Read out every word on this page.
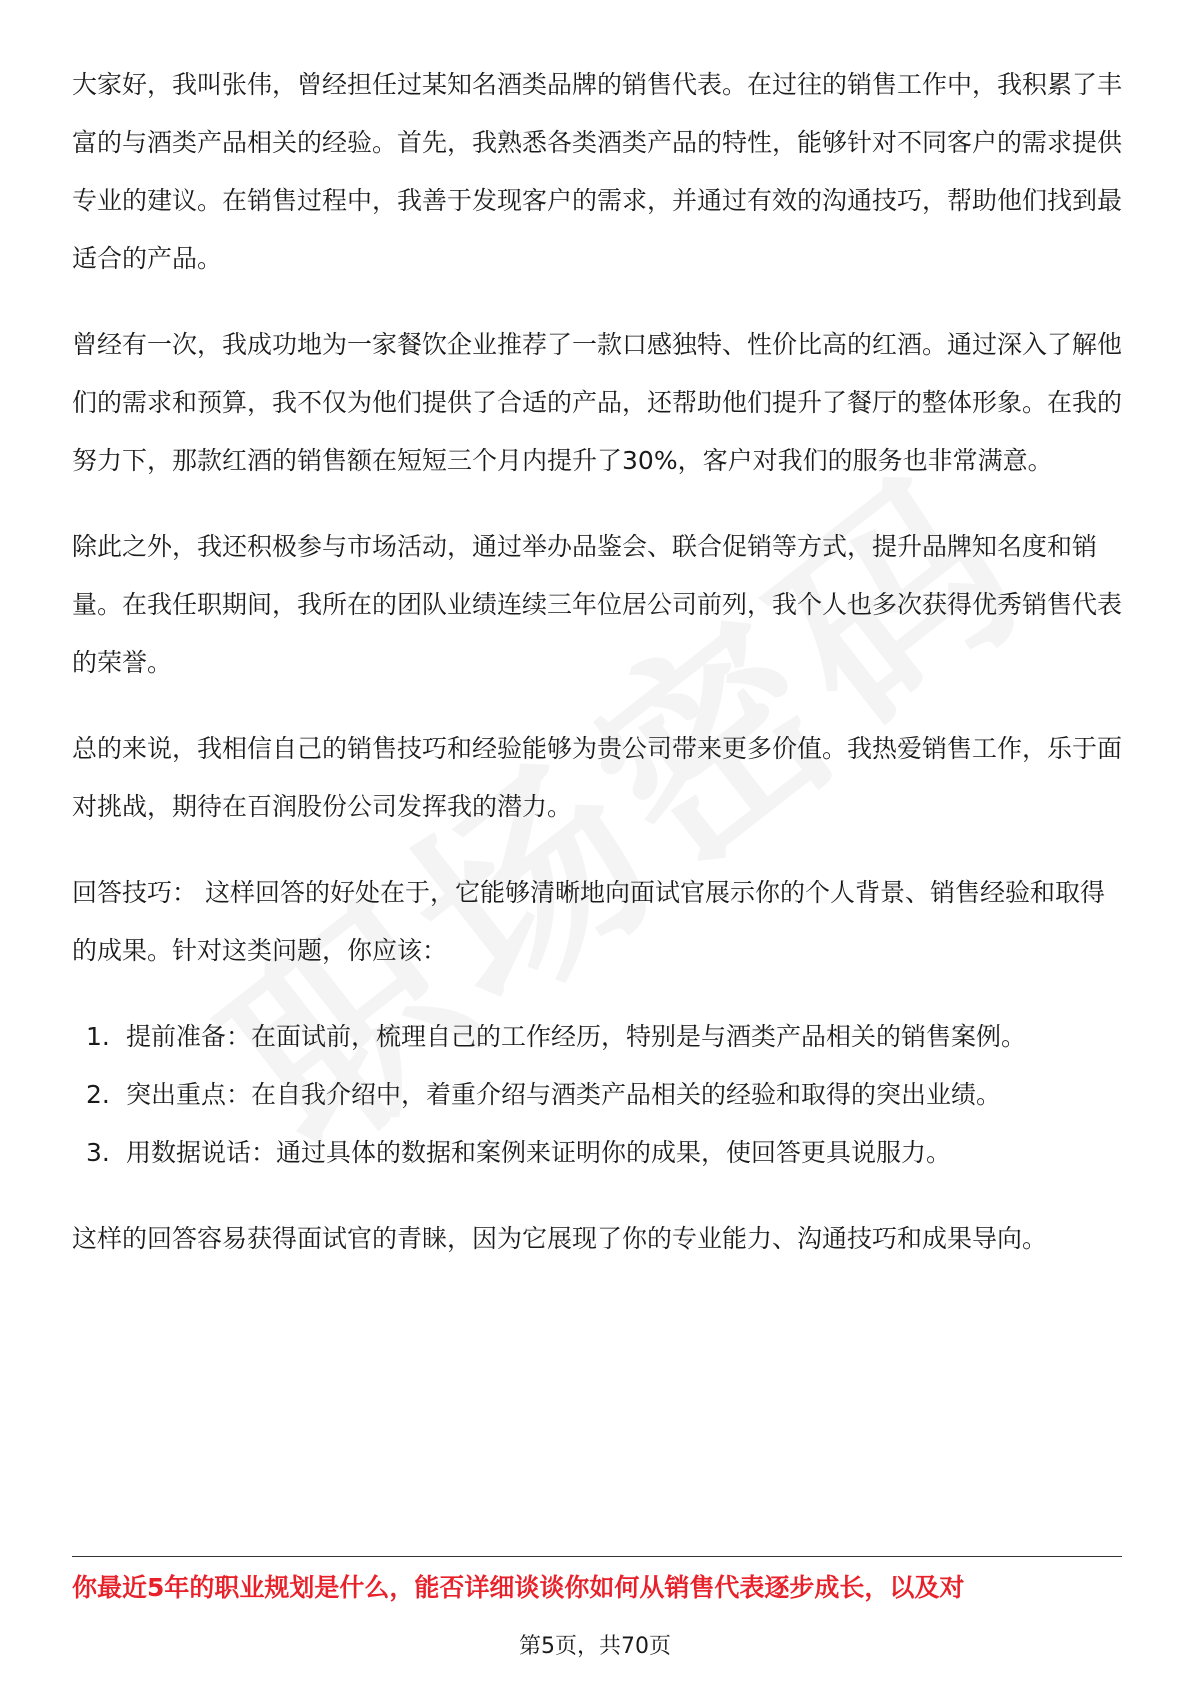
大家好，我叫张伟，曾经担任过某知名酒类品牌的销售代表。在过往的销售工作中，我积累了丰富的与酒类产品相关的经验。首先，我熟悉各类酒类产品的特性，能够针对不同客户的需求提供专业的建议。在销售过程中，我善于发现客户的需求，并通过有效的沟通技巧，帮助他们找到最适合的产品。

曾经有一次，我成功地为一家餐饮企业推荐了一款口感独特、性价比高的红酒。通过深入了解他们的需求和预算，我不仅为他们提供了合适的产品，还帮助他们提升了餐厅的整体形象。在我的努力下，那款红酒的销售额在短短三个月内提升了30%，客户对我们的服务也非常满意。

除此之外，我还积极参与市场活动，通过举办品鉴会、联合促销等方式，提升品牌知名度和销量。在我任职期间，我所在的团队业绩连续三年位居公司前列，我个人也多次获得优秀销售代表的荣誉。

总的来说，我相信自己的销售技巧和经验能够为贵公司带来更多价值。我热爱销售工作，乐于面对挑战，期待在百润股份公司发挥我的潜力。

回答技巧： 这样回答的好处在于，它能够清晰地向面试官展示你的个人背景、销售经验和取得的成果。针对这类问题，你应该：

1. 提前准备：在面试前，梳理自己的工作经历，特别是与酒类产品相关的销售案例。
2. 突出重点：在自我介绍中，着重介绍与酒类产品相关的经验和取得的突出业绩。
3. 用数据说话：通过具体的数据和案例来证明你的成果，使回答更具说服力。

这样的回答容易获得面试官的青睐，因为它展现了你的专业能力、沟通技巧和成果导向。

你最近5年的职业规划是什么，能否详细谈谈你如何从销售代表逐步成长，以及对
第5页，共70页
